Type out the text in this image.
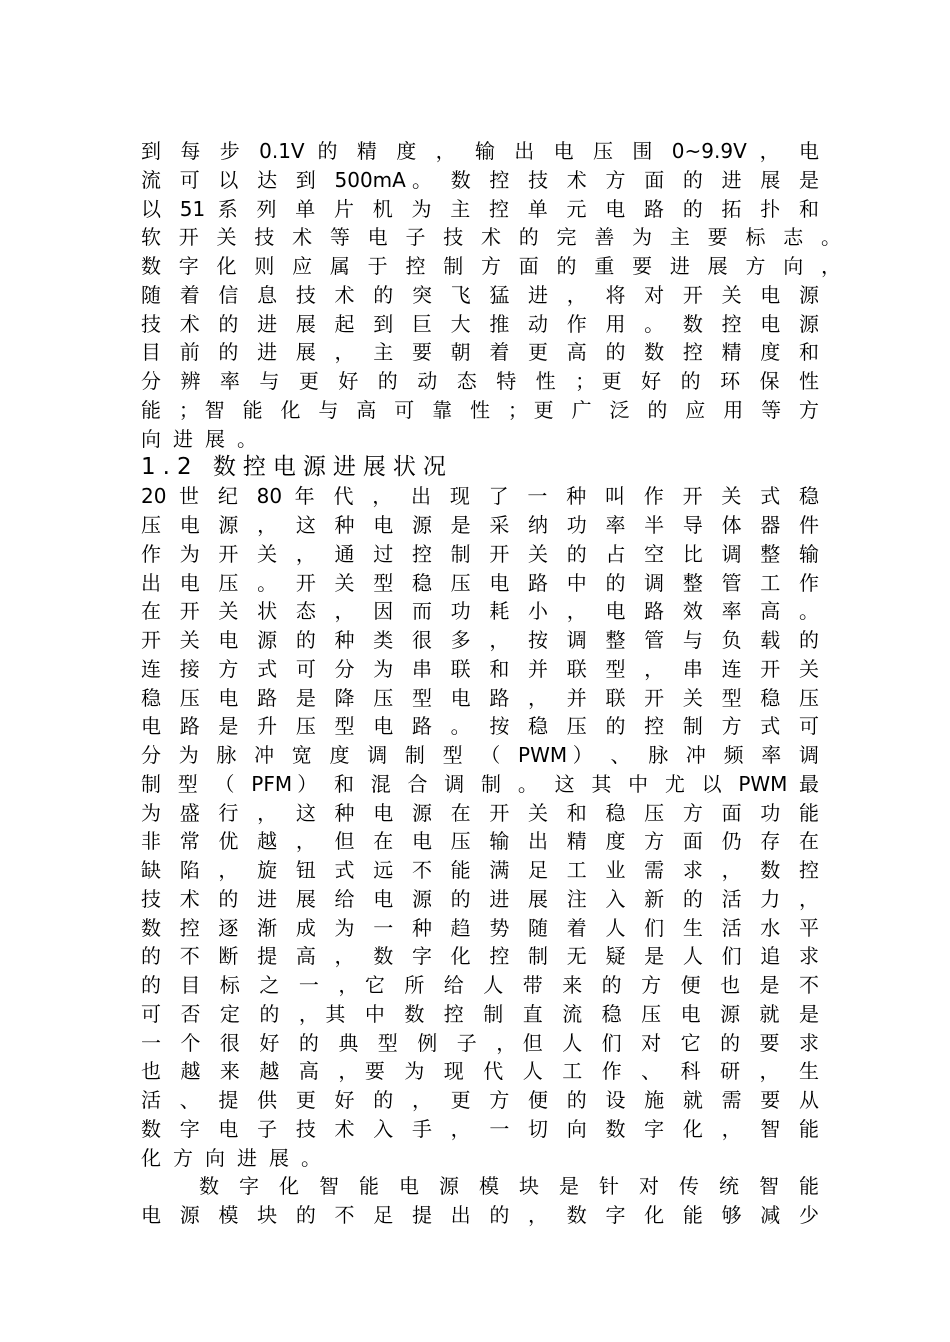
到 每 步 0.1V 的 精 度 ， 输 出 电 压 围 0~9.9V ， 电
流 可 以 达 到 500mA。 数 控 技 术 方 面 的 进 展 是
以 51 系 列 单 片 机 为 主 控 单 元 电 路 的 拓 扑 和
软 开 关 技 术 等 电 子 技 术 的 完 善 为 主 要 标 志 。
数 字 化 则 应 属 于 控 制 方 面 的 重 要 进 展 方 向 ，
随 着 信 息 技 术 的 突 飞 猛 进 ， 将 对 开 关 电 源
技 术 的 进 展 起 到 巨 大 推 动 作 用 。 数 控 电 源
目 前 的 进 展 ， 主 要 朝 着 更 高 的 数 控 精 度 和
分 辨 率 与 更 好 的 动 态 特 性 ；更 好 的 环 保 性
能 ；智 能 化 与 高 可 靠 性 ；更 广 泛 的 应 用 等 方
向进展。
1.2 数控电源进展状况
20 世 纪 80 年 代 ， 出 现 了 一 种 叫 作 开 关 式 稳
压 电 源 ， 这 种 电 源 是 采 纳 功 率 半 导 体 器 件
作 为 开 关 ， 通 过 控 制 开 关 的 占 空 比 调 整 输
出 电 压 。 开 关 型 稳 压 电 路 中 的 调 整 管 工 作
在 开 关 状 态 ， 因 而 功 耗 小 ， 电 路 效 率 高 。
开 关 电 源 的 种 类 很 多 ， 按 调 整 管 与 负 载 的
连 接 方 式 可 分 为 串 联 和 并 联 型 ， 串 连 开 关
稳 压 电 路 是 降 压 型 电 路 ， 并 联 开 关 型 稳 压
电 路 是 升 压 型 电 路 。 按 稳 压 的 控 制 方 式 可
分 为 脉 冲 宽 度 调 制 型 （ PWM） 、 脉 冲 频 率 调
制 型 （ PFM） 和 混 合 调 制 。 这 其 中 尤 以 PWM 最
为 盛 行 ， 这 种 电 源 在 开 关 和 稳 压 方 面 功 能
非 常 优 越 ， 但 在 电 压 输 出 精 度 方 面 仍 存 在
缺 陷 ， 旋 钮 式 远 不 能 满 足 工 业 需 求 ， 数 控
技 术 的 进 展 给 电 源 的 进 展 注 入 新 的 活 力 ，
数 控 逐 渐 成 为 一 种 趋 势 随 着 人 们 生 活 水 平
的 不 断 提 高 ， 数 字 化 控 制 无 疑 是 人 们 追 求
的 目 标 之 一 ，它 所 给 人 带 来 的 方 便 也 是 不
可 否 定 的 ，其 中 数 控 制 直 流 稳 压 电 源 就 是
一 个 很 好 的 典 型 例 子 ，但 人 们 对 它 的 要 求
也 越 来 越 高 ，要 为 现 代 人 工 作 、 科 研 ， 生
活 、 提 供 更 好 的 ， 更 方 便 的 设 施 就 需 要 从
数 字 电 子 技 术 入 手 ， 一 切 向 数 字 化 ， 智 能
化方向进展。
数 字 化 智 能 电 源 模 块 是 针 对 传 统 智 能
电 源 模 块 的 不 足 提 出 的 ， 数 字 化 能 够 减 少
